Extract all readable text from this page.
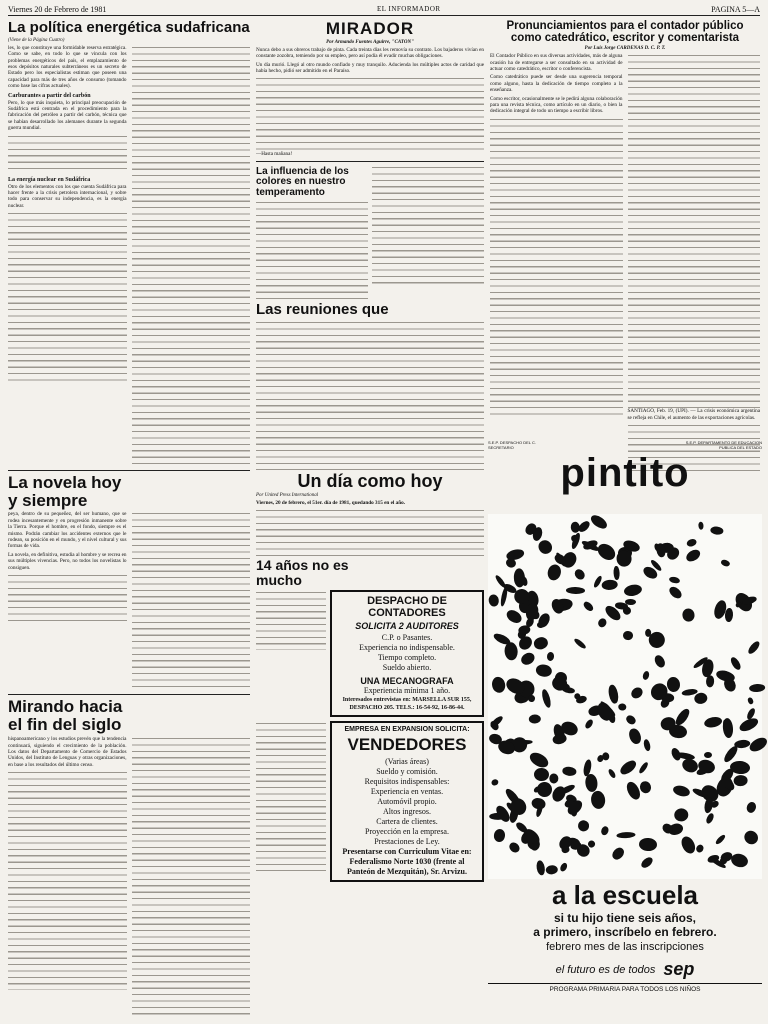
Viernes 20 de Febrero de 1981	EL INFORMADOR	PAGINA 5—A
La política energética sudafricana
(Viene de la Página Cuatro)

les, lo que constituye una formidable reserva estratégica. Como se sabe, en todo lo que se vincula con los problemas energéticos del país, el emplazamiento de esos depósitos naturales subterráneos es un secreto de Estado pero los especialistas estiman que poseen una capacidad para más de tres años de consumo (tomando como base las cifras actuales).

Carburantes a partir del carbón

Pero, lo que más inquieta, lo principal preocupación de Sudáfrica está centrada en el procedimiento para la fabricación del petróleo a partir del carbón, técnica que se habían desarrollado los alemanes durante la segunda guerra mundial.

La energía nuclear en Sudáfrica

Otro de los elementos con los que cuenta Sudáfrica para hacer frente a la crisis petrolera internacional, y sobre todo para conservar su independencia, es la energía nuclear.

La novela hoy y siempre

peya, dentro de su pequeñez, del ser humano, que se rodea incesantemente y en progresión inmanente sobre la Tierra. Porque el hombre, en el fondo, siempre es el mismo. Podrán cambiar los accidentes externos que le rodean, su posición en el mundo, y el nivel cultural y sus formas de vida.

La novela, en definitiva, estudia al hombre y se recrea en sus múltiples vivencias. Pero, no todos los novelistas lo consiguen.

Mirando hacia el fin del siglo

hispanoamericano y los estudios prevén que la tendencia continuará, siguiendo el crecimiento de la población. Los datos del Departamento de Comercio de Estados Unidos, del Instituto de Lenguas y otras organizaciones, en base a los resultados del último censo.

MIRADOR
Por Armando Fuentes Aguirre, "CATON"

Nunca debo a sus obreros trabajo de pinta. Cada treinta días les removía su contrato. Los bajaderos vivían en constante zozobra, temiendo por su empleo, pero así podía él evadir muchas obligaciones.

Un día murió. Llegó al otro mundo confiado y muy tranquilo. Aducienda los múltiples actos de caridad que había hecho, pidió ser admitido en el Paraíso.

—Hasta mañana!

La influencia de los colores en nuestro temperamento
Las reuniones que
Un día como hoy
Por United Press International

Viernes, 20 de febrero, el 51er. día de 1981, quedando 315 en el año.

14 años no es mucho
DESPACHO DE
CONTADORES
SOLICITA 2 AUDITORES
C.P. o Pasantes.
Experiencia no indispensable.
Tiempo completo.
Sueldo abierto.
UNA MECANOGRAFA
Experiencia mínima 1 año.
Interesados entrevistas en: MARSELLA SUR 155, DESPACHO 205. TELS.: 16-54-92, 16-86-44.
EMPRESA EN EXPANSION SOLICITA:
VENDEDORES
(Varias áreas)
Sueldo y comisión.
Requisitos indispensables:
Experiencia en ventas.
Automóvil propio.
Altos ingresos.
Cartera de clientes.
Proyección en la empresa.
Prestaciones de Ley.
Presentarse con Curriculum Vitae en: Federalismo Norte 1030 (frente al Panteón de Mezquitán), Sr. Arvizu.
Pronunciamientos para el contador público como catedrático, escritor y comentarista
Por Luis Jorge CARDENAS D. C. P. T.

El Contador Público en sus diversas actividades, más de alguna ocasión ha de entregarse a ser consultado en su actividad de actuar como catedrático, escritor o conferencista.

Como catedrático puede ser desde una sugerencia temporal como alguno, hasta la dedicación de tiempo completo a la enseñanza.

Como escritor, ocasionalmente se le pedirá alguna colaboración para una revista técnica, como artículo en un diario, o bien la dedicación integral de todo un tiempo a escribir libros.

SANTIAGO, Feb. 19, (UPI). — La crisis económica argentina se refleja en Chile, el aumento de las exportaciones agrícolas.

S.E.P. DESPACHO DEL C. SECRETARIO
S.E.P. DEPARTAMENTO DE EDUCACION PUBLICA DEL ESTADO
pintito
a la escuela
si tu hijo tiene seis años,
a primero, inscríbelo en febrero.
febrero mes de las inscripciones
el futuro es de todos sep
PROGRAMA PRIMARIA PARA TODOS LOS NIÑOS
